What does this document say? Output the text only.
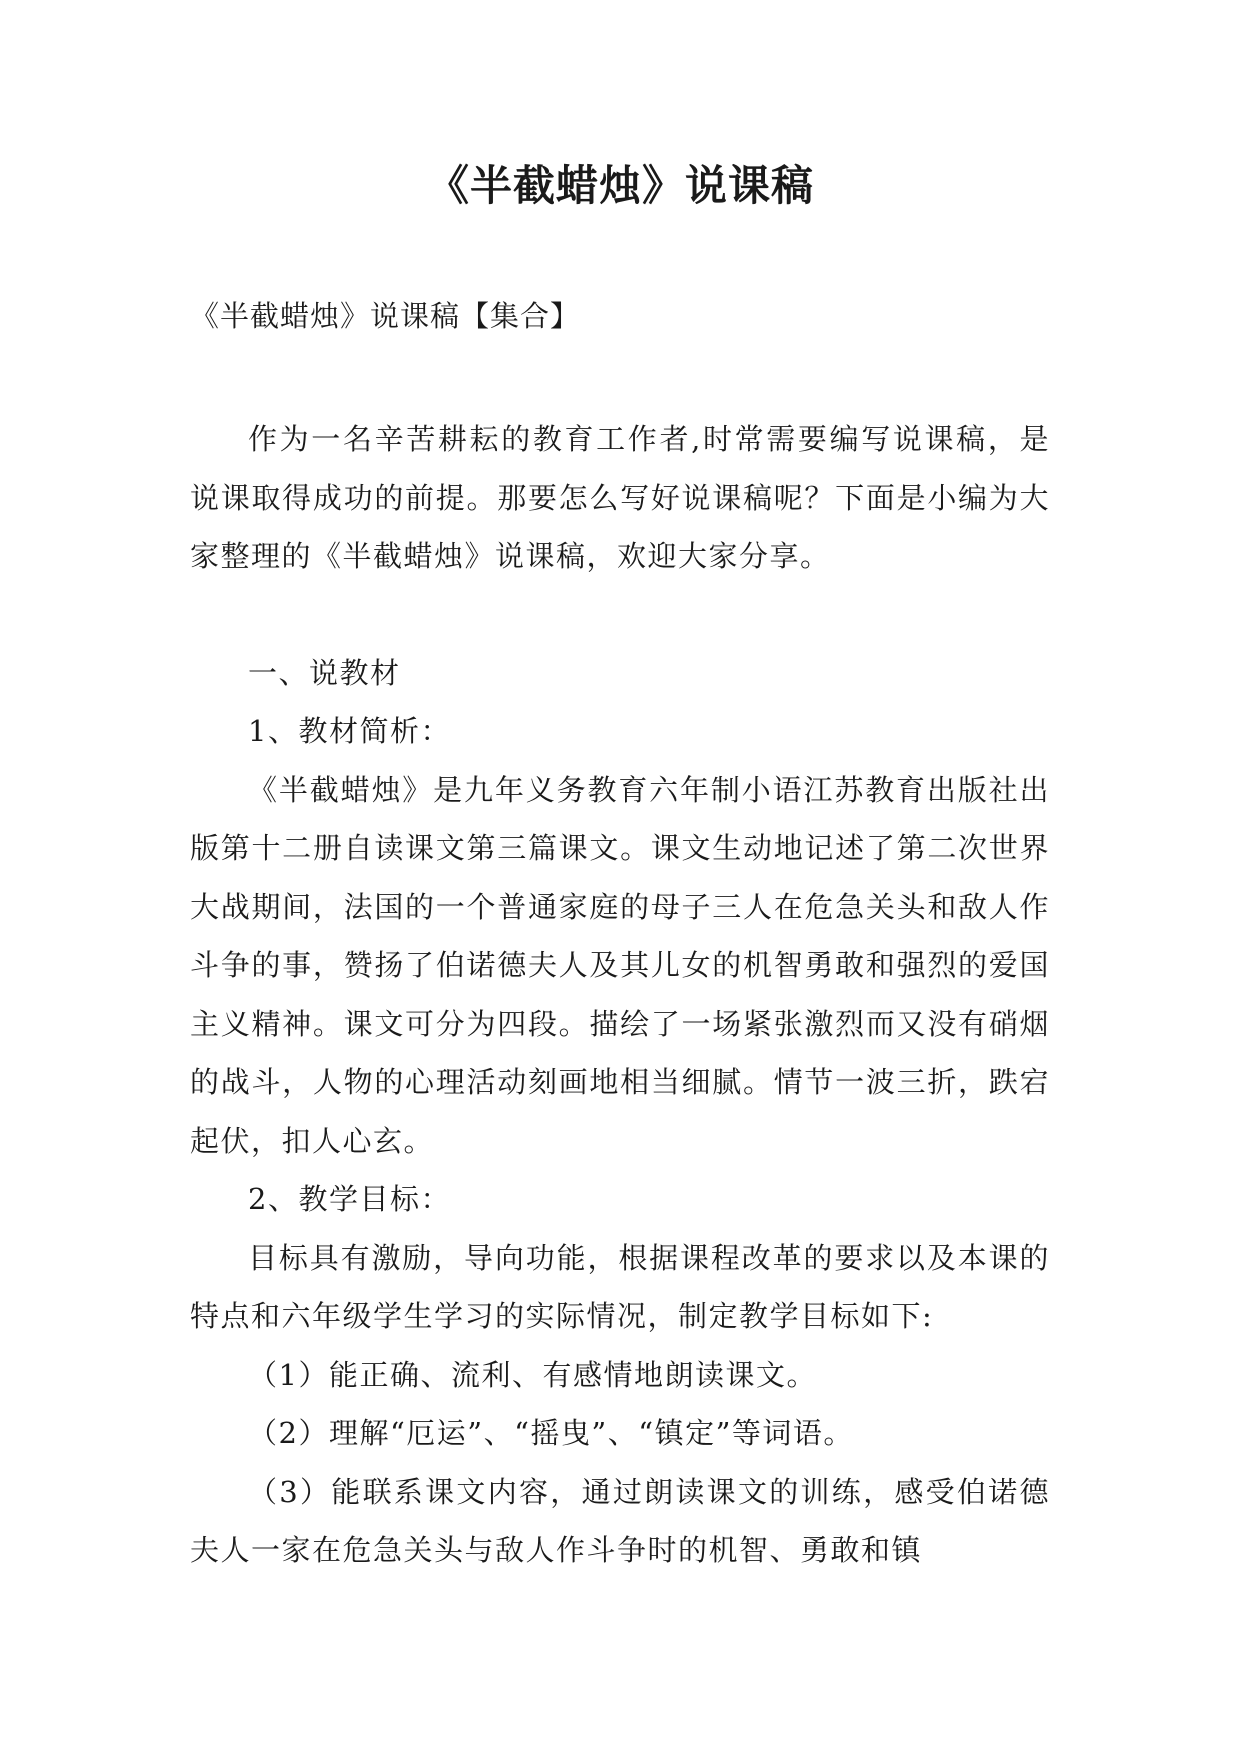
《半截蜡烛》说课稿
《半截蜡烛》说课稿【集合】

作为一名辛苦耕耘的教育工作者,时常需要编写说课稿，是说课取得成功的前提。那要怎么写好说课稿呢？下面是小编为大家整理的《半截蜡烛》说课稿，欢迎大家分享。

一、说教材

1、教材简析：

《半截蜡烛》是九年义务教育六年制小语江苏教育出版社出版第十二册自读课文第三篇课文。课文生动地记述了第二次世界大战期间，法国的一个普通家庭的母子三人在危急关头和敌人作斗争的事，赞扬了伯诺德夫人及其儿女的机智勇敢和强烈的爱国主义精神。课文可分为四段。描绘了一场紧张激烈而又没有硝烟的战斗，人物的心理活动刻画地相当细腻。情节一波三折，跌宕起伏，扣人心玄。

2、教学目标：

目标具有激励，导向功能，根据课程改革的要求以及本课的特点和六年级学生学习的实际情况，制定教学目标如下:

（1）能正确、流利、有感情地朗读课文。

（2）理解“厄运”、“摇曳”、“镇定”等词语。

（3）能联系课文内容，通过朗读课文的训练，感受伯诺德夫人一家在危急关头与敌人作斗争时的机智、勇敢和镇
